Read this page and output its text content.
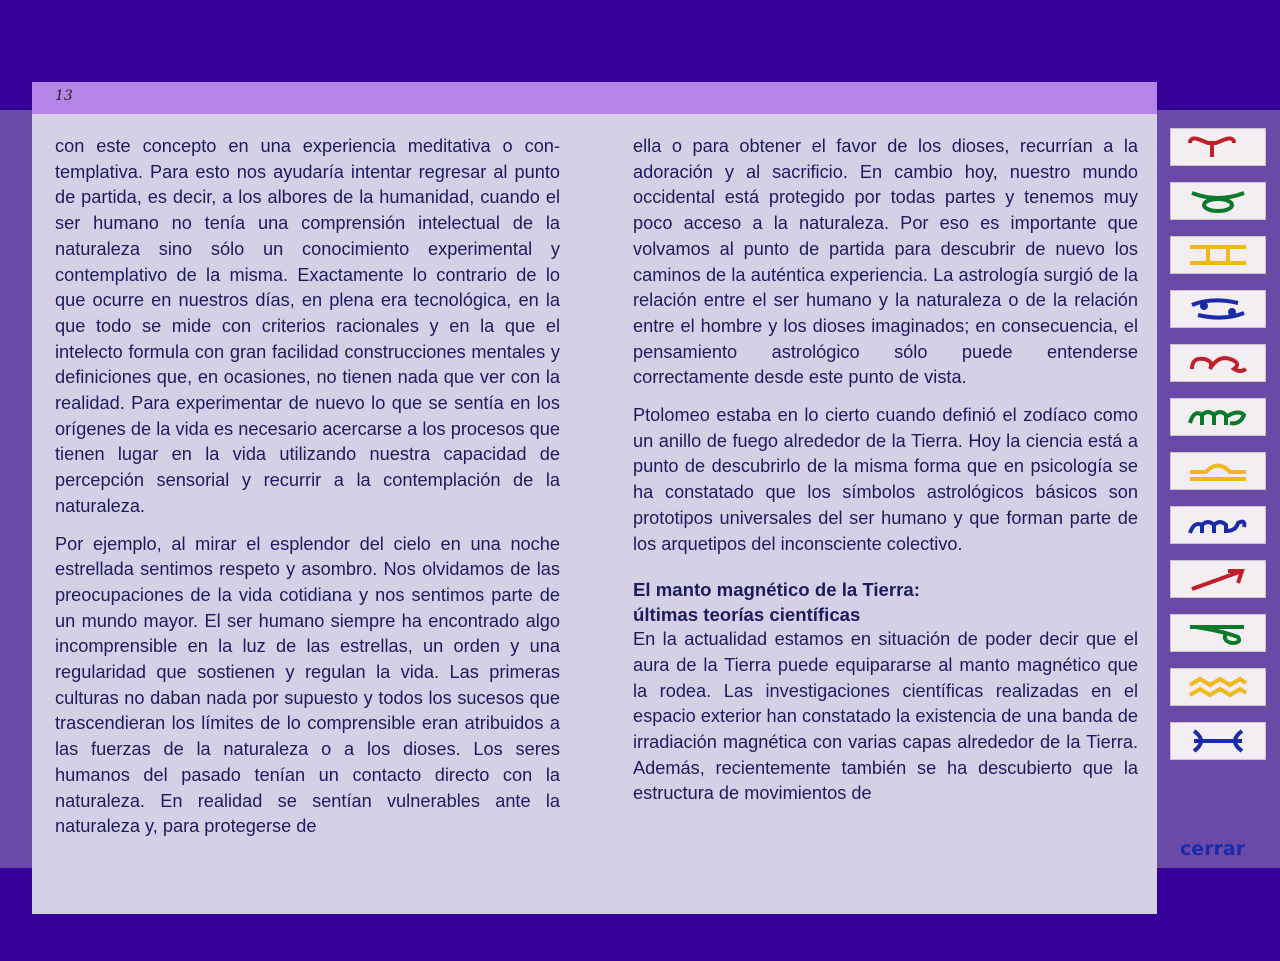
13

con este concepto en una experiencia meditativa o contemplativa. Para esto nos ayudaría intentar regresar al punto de partida, es decir, a los albores de la humanidad, cuando el ser humano no tenía una comprensión intelectual de la naturaleza sino sólo un conocimiento experimental y contemplativo de la misma. Exactamente lo contrario de lo que ocurre en nuestros días, en plena era tecnológica, en la que todo se mide con criterios racionales y en la que el intelecto formula con gran facilidad construcciones mentales y definiciones que, en ocasiones, no tienen nada que ver con la realidad. Para experimentar de nuevo lo que se sentía en los orígenes de la vida es necesario acercarse a los procesos que tienen lugar en la vida utilizando nuestra capacidad de percepción sensorial y recurrir a la contemplación de la naturaleza.

Por ejemplo, al mirar el esplendor del cielo en una noche estrellada sentimos respeto y asombro. Nos olvidamos de las preocupaciones de la vida cotidiana y nos sentimos parte de un mundo mayor. El ser humano siempre ha encontrado algo incomprensible en la luz de las estrellas, un orden y una regularidad que sostienen y regulan la vida. Las primeras culturas no daban nada por supuesto y todos los sucesos que trascendieran los límites de lo comprensible eran atribuidos a las fuerzas de la naturaleza o a los dioses. Los seres humanos del pasado tenían un contacto directo con la naturaleza. En realidad se sentían vulnerables ante la naturaleza y, para protegerse de

ella o para obtener el favor de los dioses, recurrían a la adoración y al sacrificio. En cambio hoy, nuestro mundo occidental está protegido por todas partes y tenemos muy poco acceso a la naturaleza. Por eso es importante que volvamos al punto de partida para descubrir de nuevo los caminos de la auténtica experiencia. La astrología surgió de la relación entre el ser humano y la naturaleza o de la relación entre el hombre y los dioses imaginados; en consecuencia, el pensamiento astrológico sólo puede entenderse correctamente desde este punto de vista.

Ptolomeo estaba en lo cierto cuando definió el zodíaco como un anillo de fuego alrededor de la Tierra. Hoy la ciencia está a punto de descubrirlo de la misma forma que en psicología se ha constatado que los símbolos astrológicos básicos son prototipos universales del ser humano y que forman parte de los arquetipos del inconsciente colectivo.

El manto magnético de la Tierra:
últimas teorías científicas

En la actualidad estamos en situación de poder decir que el aura de la Tierra puede equipararse al manto magnético que la rodea. Las investigaciones científicas realizadas en el espacio exterior han constatado la existencia de una banda de irradiación magnética con varias capas alrededor de la Tierra. Además, recientemente también se ha descubierto que la estructura de movimientos de

cerrar
